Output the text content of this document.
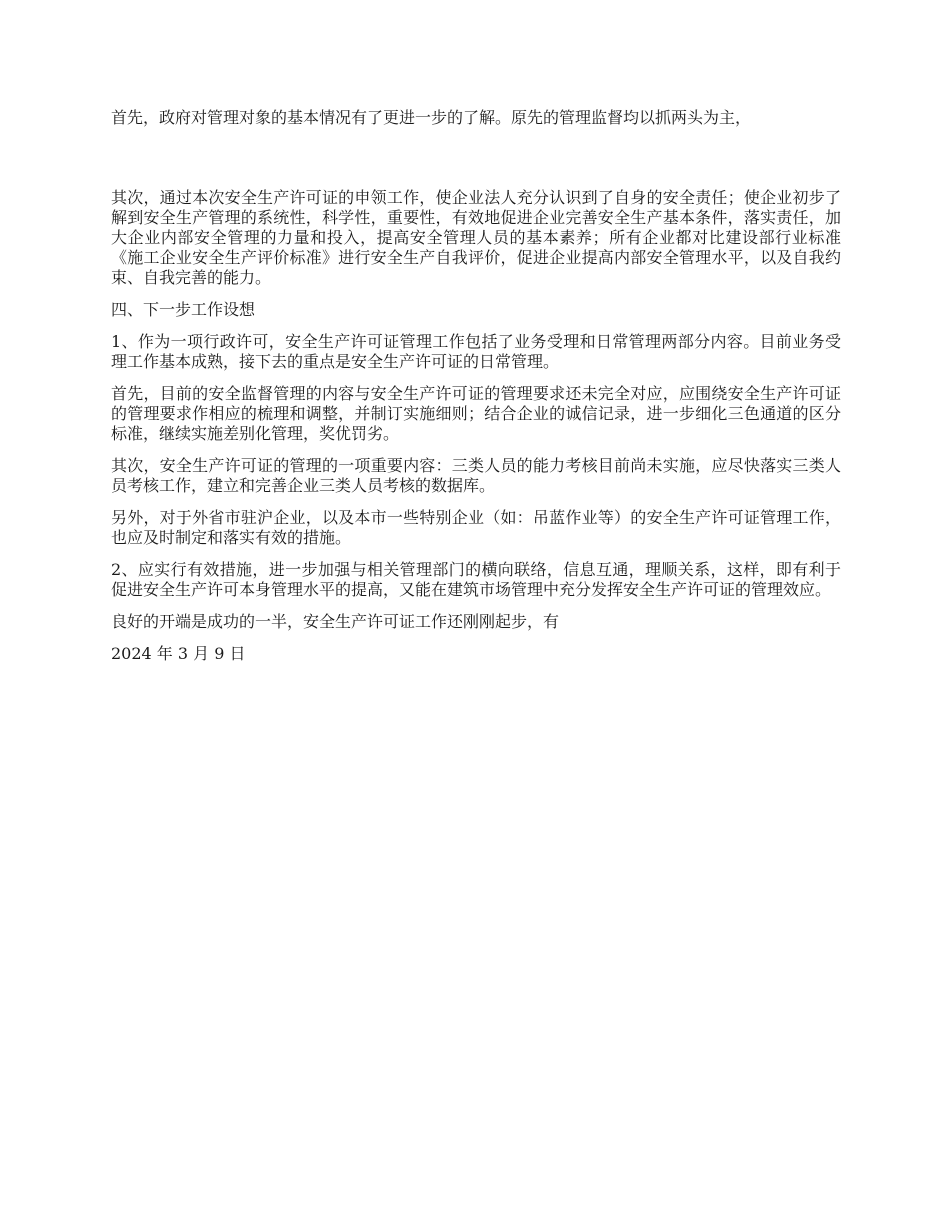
首先，政府对管理对象的基本情况有了更进一步的了解。原先的管理监督均以抓两头为主，

其次，通过本次安全生产许可证的申领工作，使企业法人充分认识到了自身的安全责任；使企业初步了解到安全生产管理的系统性，科学性，重要性，有效地促进企业完善安全生产基本条件，落实责任，加大企业内部安全管理的力量和投入，提高安全管理人员的基本素养；所有企业都对比建设部行业标准《施工企业安全生产评价标准》进行安全生产自我评价，促进企业提高内部安全管理水平，以及自我约束、自我完善的能力。

四、下一步工作设想

1、作为一项行政许可，安全生产许可证管理工作包括了业务受理和日常管理两部分内容。目前业务受理工作基本成熟，接下去的重点是安全生产许可证的日常管理。

首先，目前的安全监督管理的内容与安全生产许可证的管理要求还未完全对应，应围绕安全生产许可证的管理要求作相应的梳理和调整，并制订实施细则；结合企业的诚信记录，进一步细化三色通道的区分标准，继续实施差别化管理，奖优罚劣。

其次，安全生产许可证的管理的一项重要内容：三类人员的能力考核目前尚未实施，应尽快落实三类人员考核工作，建立和完善企业三类人员考核的数据库。

另外，对于外省市驻沪企业，以及本市一些特别企业（如：吊蓝作业等）的安全生产许可证管理工作，也应及时制定和落实有效的措施。

2、应实行有效措施，进一步加强与相关管理部门的横向联络，信息互通，理顺关系，这样，即有利于促进安全生产许可本身管理水平的提高，又能在建筑市场管理中充分发挥安全生产许可证的管理效应。

良好的开端是成功的一半，安全生产许可证工作还刚刚起步，有

2024 年 3 月 9 日
